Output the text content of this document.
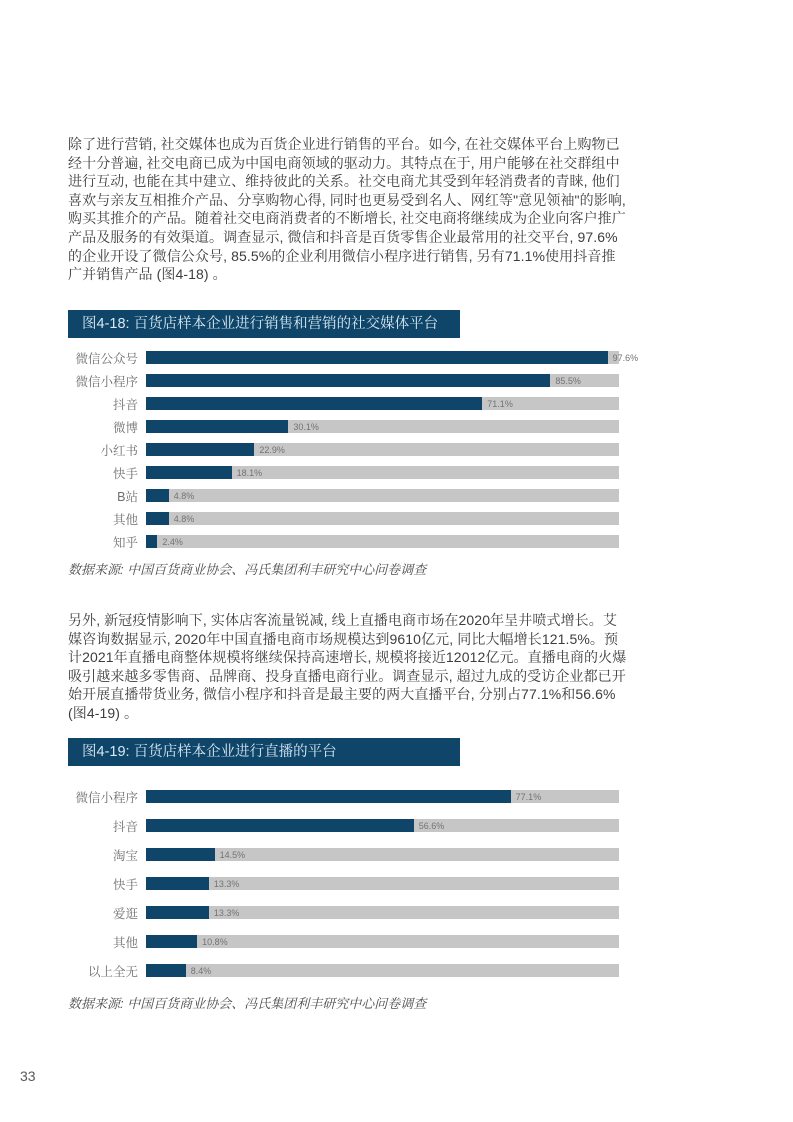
除了进行营销, 社交媒体也成为百货企业进行销售的平台。如今, 在社交媒体平台上购物已经十分普遍, 社交电商已成为中国电商领域的驱动力。其特点在于, 用户能够在社交群组中进行互动, 也能在其中建立、维持彼此的关系。社交电商尤其受到年轻消费者的青睐, 他们喜欢与亲友互相推介产品、分享购物心得, 同时也更易受到名人、网红等"意见领袖"的影响, 购买其推介的产品。随着社交电商消费者的不断增长, 社交电商将继续成为企业向客户推广产品及服务的有效渠道。调查显示, 微信和抖音是百货零售企业最常用的社交平台, 97.6%的企业开设了微信公众号, 85.5%的企业利用微信小程序进行销售, 另有71.1%使用抖音推广并销售产品 (图4-18) 。

图4-18: 百货店样本企业进行销售和营销的社交媒体平台
微信公众号	97.6%
微信小程序	85.5%
抖音	71.1%
微博	30.1%
小红书	22.9%
快手	18.1%
B站	4.8%
其他	4.8%
知乎	2.4%
数据来源: 中国百货商业协会、冯氏集团利丰研究中心问卷调查

另外, 新冠疫情影响下, 实体店客流量锐减, 线上直播电商市场在2020年呈井喷式增长。艾媒咨询数据显示, 2020年中国直播电商市场规模达到9610亿元, 同比大幅增长121.5%。预计2021年直播电商整体规模将继续保持高速增长, 规模将接近12012亿元。直播电商的火爆吸引越来越多零售商、品牌商、投身直播电商行业。调查显示, 超过九成的受访企业都已开始开展直播带货业务, 微信小程序和抖音是最主要的两大直播平台, 分别占77.1%和56.6% (图4-19) 。

图4-19: 百货店样本企业进行直播的平台
微信小程序	77.1%
抖音	56.6%
淘宝	14.5%
快手	13.3%
爱逛	13.3%
其他	10.8%
以上全无	8.4%
数据来源: 中国百货商业协会、冯氏集团利丰研究中心问卷调查
33
